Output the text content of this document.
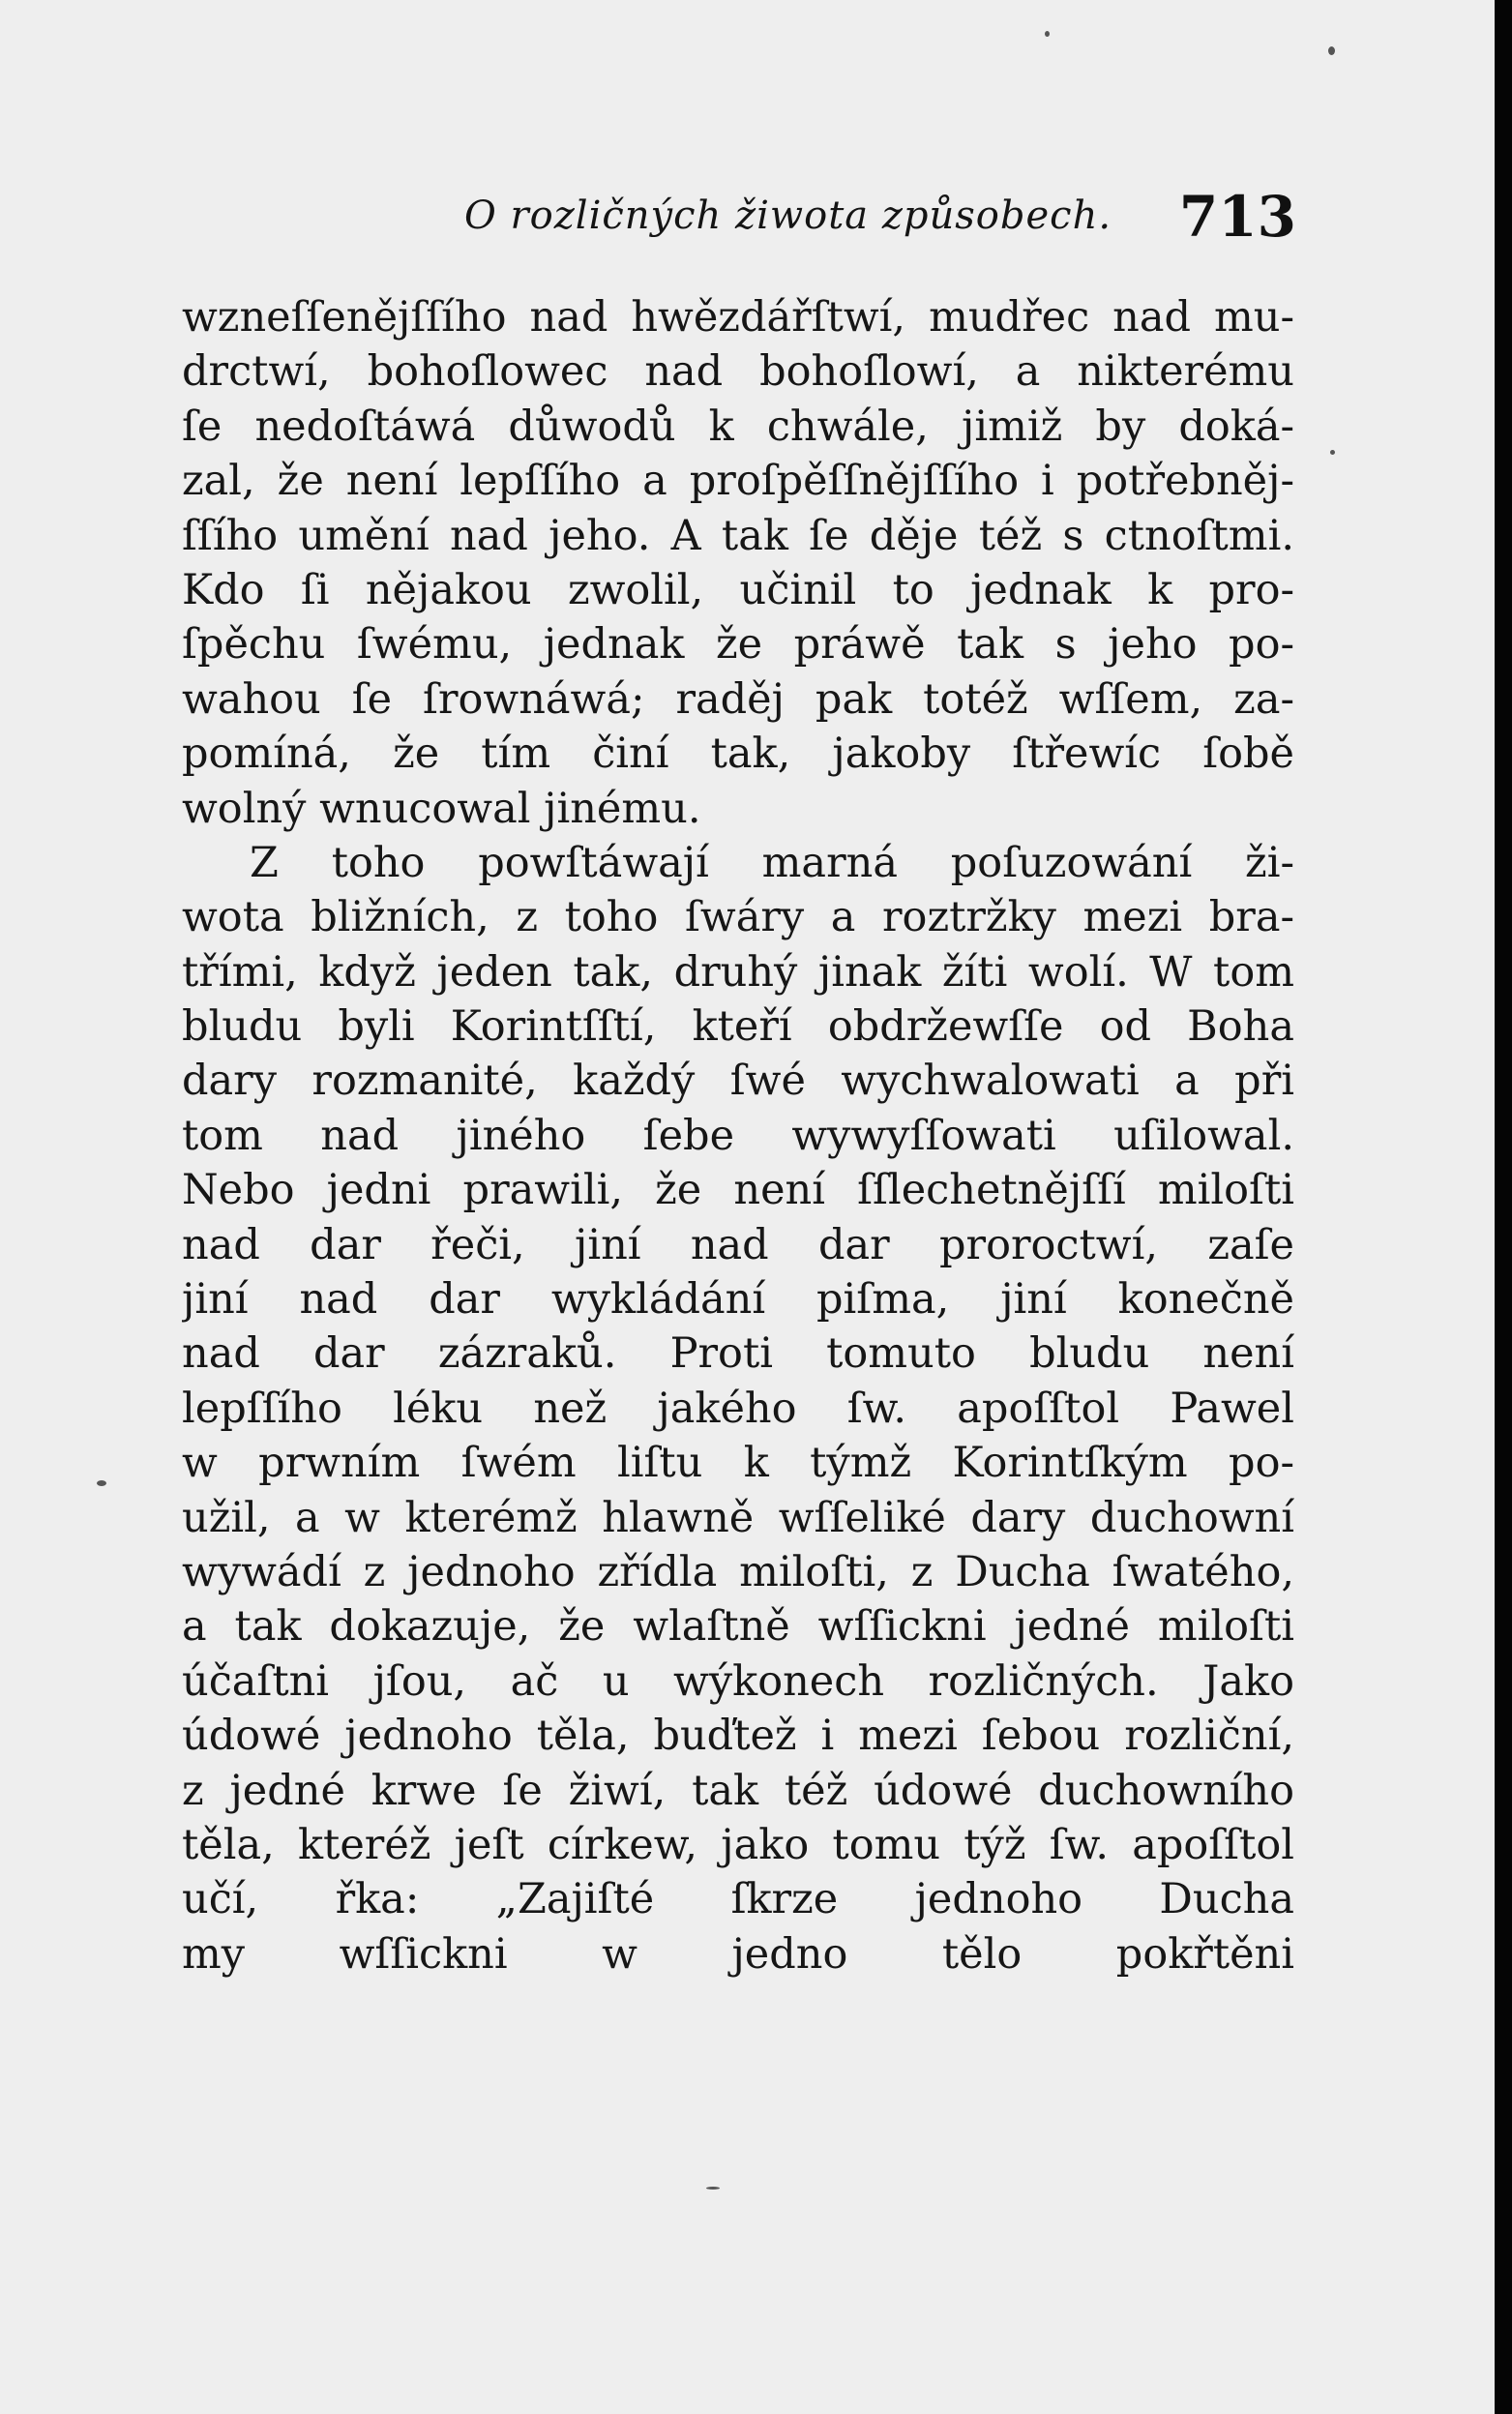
O rozličných žiwota způsobech. 713
wzneſſenějſſího nad hwězdářſtwí, mudřec nad mu-
drctwí, bohoſlowec nad bohoſlowí, a nikterému
ſe nedoſtáwá důwodů k chwále, jimiž by doká-
zal, že není lepſſího a proſpěſſnějſſího i potřebněj-
ſſího umění nad jeho. A tak ſe děje též s ctnoſtmi.
Kdo ſi nějakou zwolil, učinil to jednak k pro-
ſpěchu ſwému, jednak že práwě tak s jeho po-
wahou ſe ſrownáwá; raděj pak totéž wſſem, za-
pomíná, že tím činí tak, jakoby ſtřewíc ſobě
wolný wnucowal jinému.
Z toho powſtáwají marná poſuzowání ži-
wota bližních, z toho ſwáry a roztržky mezi bra-
třími, když jeden tak, druhý jinak žíti wolí. W tom
bludu byli Korintſſtí, kteří obdržewſſe od Boha
dary rozmanité, každý ſwé wychwalowati a při
tom nad jiného ſebe wywyſſowati uſilowal.
Nebo jedni prawili, že není ſſlechetnějſſí miloſti
nad dar řeči, jiní nad dar proroctwí, zaſe
jiní nad dar wykládání piſma, jiní konečně
nad dar zázraků. Proti tomuto bludu není
lepſſího léku než jakého ſw. apoſſtol Pawel
w prwním ſwém liſtu k týmž Korintſkým po-
užil, a w kterémž hlawně wſſeliké dary duchowní
wywádí z jednoho zřídla miloſti, z Ducha ſwatého,
a tak dokazuje, že wlaſtně wſſickni jedné miloſti
účaſtni jſou, ač u wýkonech rozličných. Jako
údowé jednoho těla, buďtež i mezi ſebou rozliční,
z jedné krwe ſe žiwí, tak též údowé duchowního
těla, kteréž jeſt církew, jako tomu týž ſw. apoſſtol
učí, řka: „Zajiſté ſkrze jednoho Ducha
my wſſickni w jedno tělo pokřtěni
